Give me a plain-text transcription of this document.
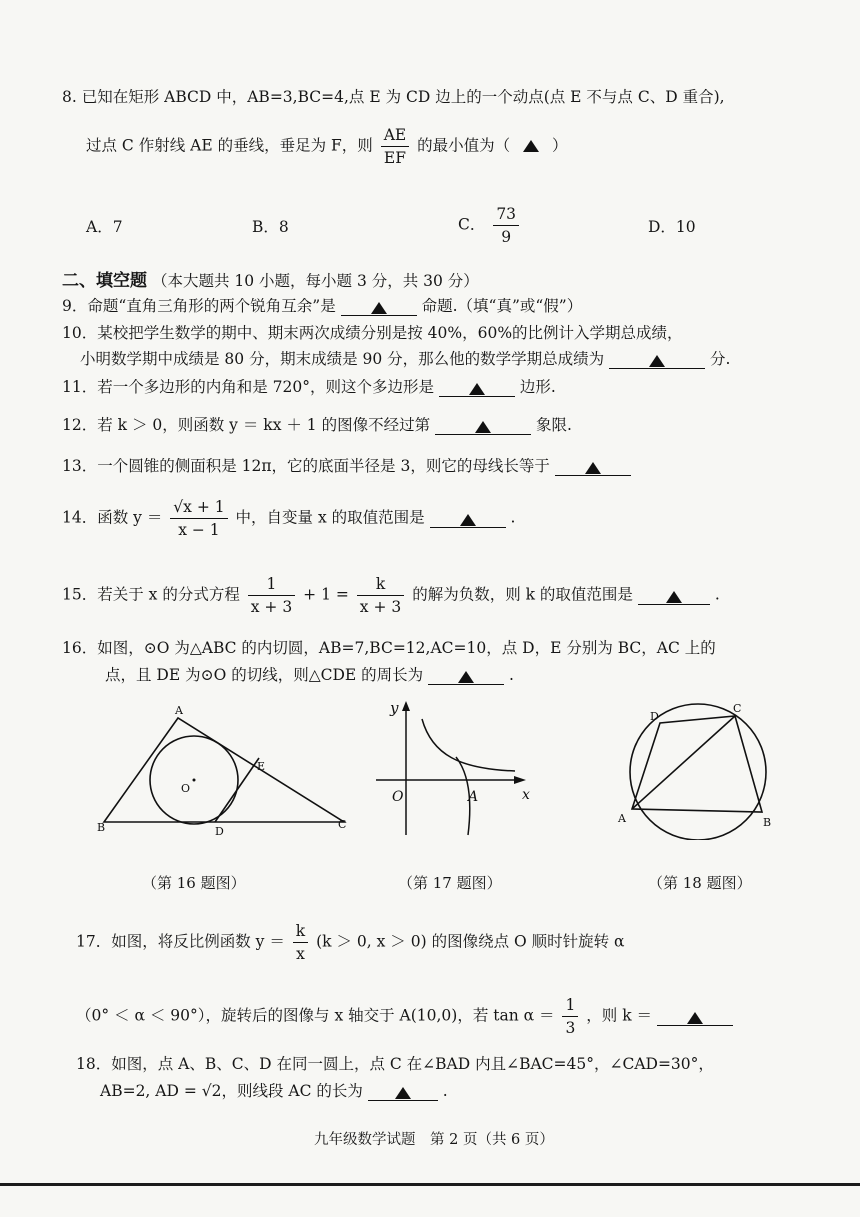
8. 已知在矩形 ABCD 中，AB=3,BC=4,点 E 为 CD 边上的一个动点(点 E 不与点 C、D 重合),
过点 C 作射线 AE 的垂线，垂足为 F，则 $\frac{AE}{EF}$ 的最小值为（	）
A．7	B．8	C． $\frac{73}{9}$	D．10
二、填空题 （本大题共 10 小题，每小题 3 分，共 30 分）
9．命题“直角三角形的两个锐角互余”是	命题.（填“真”或“假”）
10．某校把学生数学的期中、期末两次成绩分别是按 40%，60%的比例计入学期总成绩，
小明数学期中成绩是 80 分，期末成绩是 90 分，那么他的数学学期总成绩为	分.
11．若一个多边形的内角和是 720°，则这个多边形是	边形.
12．若 k ＞ 0，则函数 y ＝ kx ＋ 1 的图像不经过第	象限.
13．一个圆锥的侧面积是 12π，它的底面半径是 3，则它的母线长等于
14．函数 $y = \frac{√x + 1}{x - 1}$ 中，自变量 x 的取值范围是	.
15．若关于 x 的分式方程 $\frac{1}{x + 3} + 1 = \frac{k}{x + 3}$ 的解为负数，则 k 的取值范围是	.
16．如图，⊙O 为△ABC 的内切圆，AB=7,BC=12,AC=10，点 D，E 分别为 BC，AC 上的
点，且 DE 为⊙O 的切线，则△CDE 的周长为	.
A
B	C
D
E
O
y
x
O	A
A	B
C
D
（第 16 题图）	（第 17 题图）	（第 18 题图）
17．如图，将反比例函数 $y = \frac{k}{x} (k > 0$, x ＞ 0) 的图像绕点 O 顺时针旋转 α
（0° ＜ α ＜ 90°），旋转后的图像与 x 轴交于 A(10,0)，若 $\tan \alpha = \frac{1}{3}$ ，则 k ＝
18．如图，点 A、B、C、D 在同一圆上，点 C 在∠BAD 内且∠BAC=45°，∠CAD=30°，
AB=2, AD = √2，则线段 AC 的长为	.
九年级数学试题　第 2 页（共 6 页）
